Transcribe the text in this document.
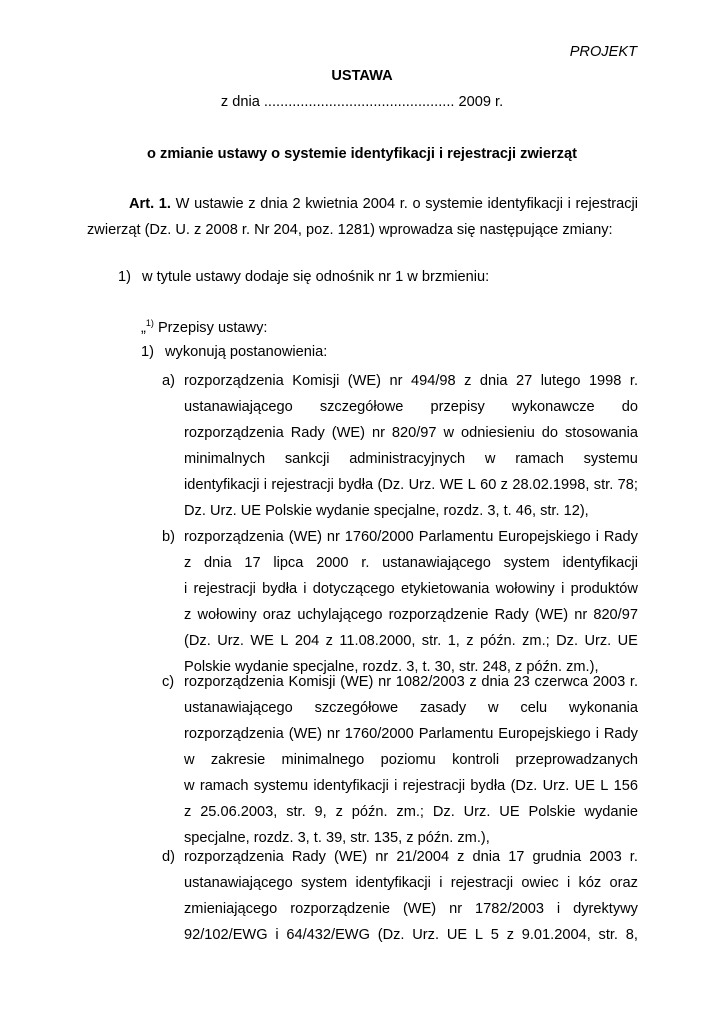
PROJEKT
USTAWA
z dnia ............................................... 2009 r.
o zmianie ustawy o systemie identyfikacji i rejestracji zwierząt
Art. 1. W ustawie z dnia 2 kwietnia 2004 r. o systemie identyfikacji i rejestracji zwierząt (Dz. U. z 2008 r. Nr 204, poz. 1281) wprowadza się następujące zmiany:
1) w tytule ustawy dodaje się odnośnik nr 1 w brzmieniu:
„$^{1)}$ Przepisy ustawy:
1) wykonują postanowienia:
a) rozporządzenia Komisji (WE) nr 494/98 z dnia 27 lutego 1998 r.
ustanawiającego szczegółowe przepisy wykonawcze do
rozporządzenia Rady (WE) nr 820/97 w odniesieniu do stosowania
minimalnych sankcji administracyjnych w ramach systemu
identyfikacji i rejestracji bydła (Dz. Urz. WE L 60 z 28.02.1998, str. 78;
Dz. Urz. UE Polskie wydanie specjalne, rozdz. 3, t. 46, str. 12),
b) rozporządzenia (WE) nr 1760/2000 Parlamentu Europejskiego i Rady
z dnia 17 lipca 2000 r. ustanawiającego system identyfikacji
i rejestracji bydła i dotyczącego etykietowania wołowiny i produktów
z wołowiny oraz uchylającego rozporządzenie Rady (WE) nr 820/97
(Dz. Urz. WE L 204 z 11.08.2000, str. 1, z późn. zm.; Dz. Urz. UE
Polskie wydanie specjalne, rozdz. 3, t. 30, str. 248, z późn. zm.),
c) rozporządzenia Komisji (WE) nr 1082/2003 z dnia 23 czerwca 2003 r.
ustanawiającego szczegółowe zasady w celu wykonania
rozporządzenia (WE) nr 1760/2000 Parlamentu Europejskiego i Rady
w zakresie minimalnego poziomu kontroli przeprowadzanych
w ramach systemu identyfikacji i rejestracji bydła (Dz. Urz. UE L 156
z 25.06.2003, str. 9, z późn. zm.; Dz. Urz. UE Polskie wydanie
specjalne, rozdz. 3, t. 39, str. 135, z późn. zm.),
d) rozporządzenia Rady (WE) nr 21/2004 z dnia 17 grudnia 2003 r.
ustanawiającego system identyfikacji i rejestracji owiec i kóz oraz
zmieniającego rozporządzenie (WE) nr 1782/2003 i dyrektywy
92/102/EWG i 64/432/EWG (Dz. Urz. UE L 5 z 9.01.2004, str. 8,
